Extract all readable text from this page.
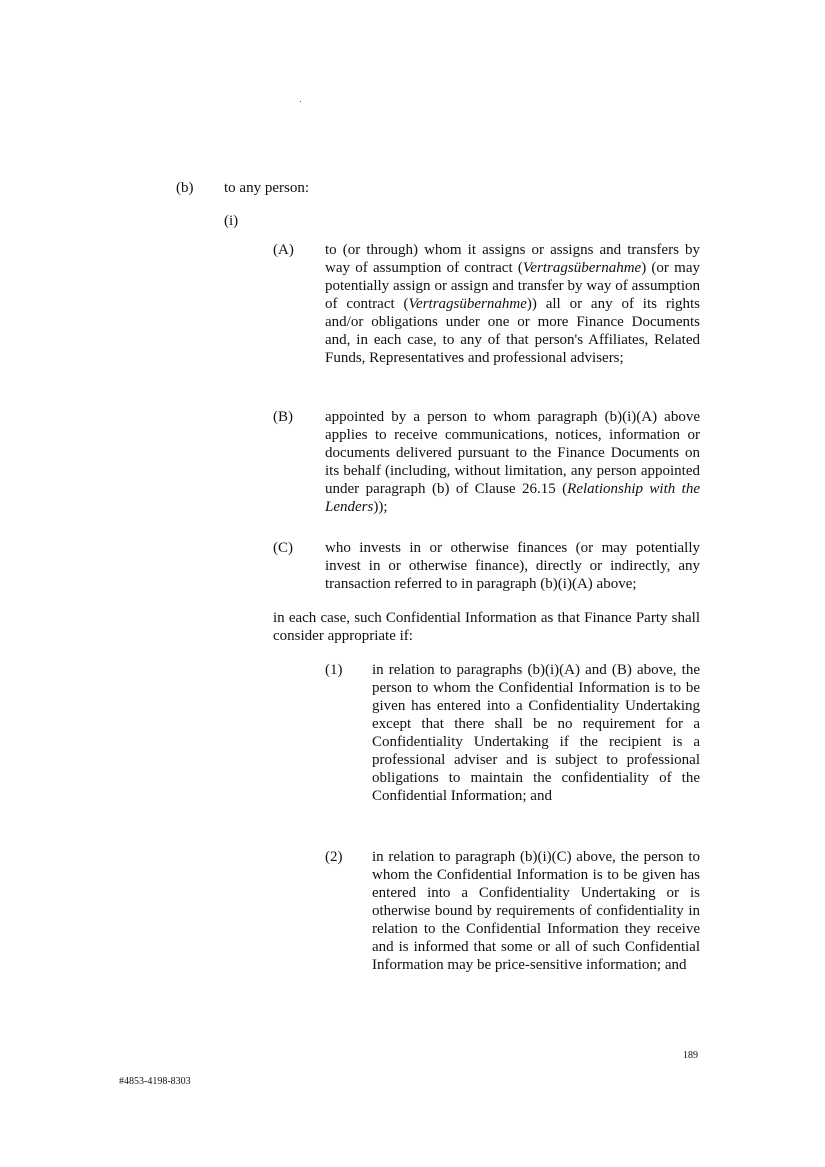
(b) to any person:
(i)
(A) to (or through) whom it assigns or assigns and transfers by way of assumption of contract (Vertragsübernahme) (or may potentially assign or assign and transfer by way of assumption of contract (Vertragsübernahme)) all or any of its rights and/or obligations under one or more Finance Documents and, in each case, to any of that person's Affiliates, Related Funds, Representatives and professional advisers;
(B) appointed by a person to whom paragraph (b)(i)(A) above applies to receive communications, notices, information or documents delivered pursuant to the Finance Documents on its behalf (including, without limitation, any person appointed under paragraph (b) of Clause 26.15 (Relationship with the Lenders));
(C) who invests in or otherwise finances (or may potentially invest in or otherwise finance), directly or indirectly, any transaction referred to in paragraph (b)(i)(A) above;
in each case, such Confidential Information as that Finance Party shall consider appropriate if:
(1) in relation to paragraphs (b)(i)(A) and (B) above, the person to whom the Confidential Information is to be given has entered into a Confidentiality Undertaking except that there shall be no requirement for a Confidentiality Undertaking if the recipient is a professional adviser and is subject to professional obligations to maintain the confidentiality of the Confidential Information; and
(2) in relation to paragraph (b)(i)(C) above, the person to whom the Confidential Information is to be given has entered into a Confidentiality Undertaking or is otherwise bound by requirements of confidentiality in relation to the Confidential Information they receive and is informed that some or all of such Confidential Information may be price-sensitive information; and
189
#4853-4198-8303
